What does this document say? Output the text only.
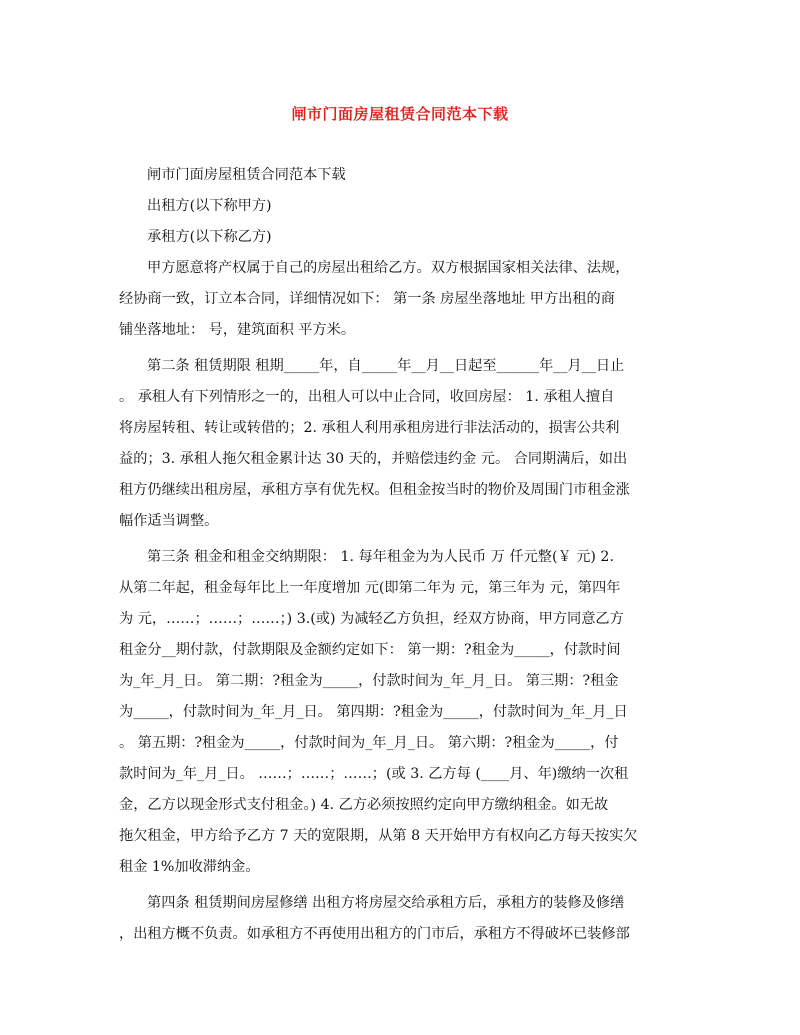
闸市门面房屋租赁合同范本下载
闸市门面房屋租赁合同范本下载
出租方(以下称甲方)
承租方(以下称乙方)
甲方愿意将产权属于自己的房屋出租给乙方。双方根据国家相关法律、法规，
经协商一致，订立本合同，详细情况如下： 第一条 房屋坐落地址 甲方出租的商
铺坐落地址： 号，建筑面积 平方米。
第二条 租赁期限 租期_____年，自_____年__月__日起至______年__月__日止
。 承租人有下列情形之一的，出租人可以中止合同，收回房屋： 1. 承租人擅自
将房屋转租、转让或转借的；2. 承租人利用承租房进行非法活动的，损害公共利
益的；3. 承租人拖欠租金累计达 30 天的，并赔偿违约金 元。 合同期满后，如出
租方仍继续出租房屋，承租方享有优先权。但租金按当时的物价及周围门市租金涨
幅作适当调整。
第三条 租金和租金交纳期限： 1. 每年租金为为人民币 万 仟元整(￥ 元) 2.
从第二年起，租金每年比上一年度增加 元(即第二年为 元，第三年为 元，第四年
为 元，……；……；……；) 3.(或) 为减轻乙方负担，经双方协商，甲方同意乙方
租金分__期付款，付款期限及金额约定如下： 第一期：?租金为_____，付款时间
为_年_月_日。 第二期：?租金为_____，付款时间为_年_月_日。 第三期：?租金
为_____，付款时间为_年_月_日。 第四期：?租金为_____，付款时间为_年_月_日
。 第五期：?租金为_____，付款时间为_年_月_日。 第六期：?租金为_____，付
款时间为_年_月_日。 ……；……；……；(或 3. 乙方每 (____月、年)缴纳一次租
金，乙方以现金形式支付租金。) 4. 乙方必须按照约定向甲方缴纳租金。如无故
拖欠租金，甲方给予乙方 7 天的宽限期，从第 8 天开始甲方有权向乙方每天按实欠
租金 1%加收滞纳金。
第四条 租赁期间房屋修缮 出租方将房屋交给承租方后，承租方的装修及修缮
，出租方概不负责。如承租方不再使用出租方的门市后，承租方不得破坏已装修部
